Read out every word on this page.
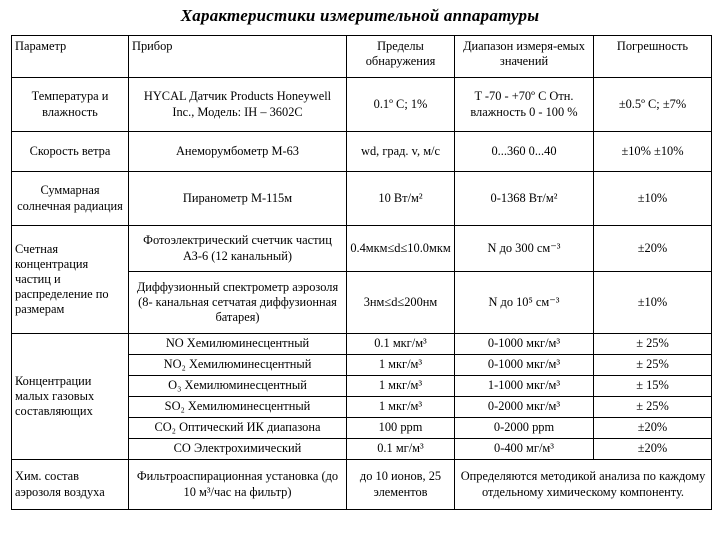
Характеристики измерительной аппаратуры
Параметр	Прибор	Пределы обнаружения	Диапазон измеря-емых значений	Погрешность
Температура и влажность	HYCAL Датчик Products Honeywell Inc., Модель: IH – 3602C	0.1º C; 1%	T -70 - +70º C Отн. влажность 0 - 100 %	±0.5º C; ±7%
Скорость ветра	Анеморумбометр М-63	wd, град. v, м/с	0...360 0...40	±10% ±10%
Суммарная солнечная радиация	Пиранометр М-115м	10 Вт/м²	0-1368 Вт/м²	±10%
Счетная концентрация частиц и распределение по размерам	Фотоэлектрический счетчик частиц АЗ-6 (12 канальный)	0.4мкм≤d≤10.0мкм	N до 300 см⁻³	±20%
	Диффузионный спектрометр аэрозоля (8- канальная сетчатая диффузионная батарея)	3нм≤d≤200нм	N до 10⁵ см⁻³	±10%
Концентрации малых газовых составляющих	NO Хемилюминесцентный	0.1 мкг/м³	0-1000 мкг/м³	± 25%
	NO₂ Хемилюминесцентный	1 мкг/м³	0-1000 мкг/м³	± 25%
	O₃ Хемилюминесцентный	1 мкг/м³	1-1000 мкг/м³	± 15%
	SO₂ Хемилюминесцентный	1 мкг/м³	0-2000 мкг/м³	± 25%
	CO₂ Оптический ИК диапазона	100 ppm	0-2000 ppm	±20%
	CO Электрохимический	0.1 мг/м³	0-400 мг/м³	±20%
Хим. состав аэрозоля воздуха	Фильтроаспирационная установка (до 10 м³/час на фильтр)	до 10 ионов, 25 элементов	Определяются методикой анализа по каждому отдельному химическому компоненту.	
